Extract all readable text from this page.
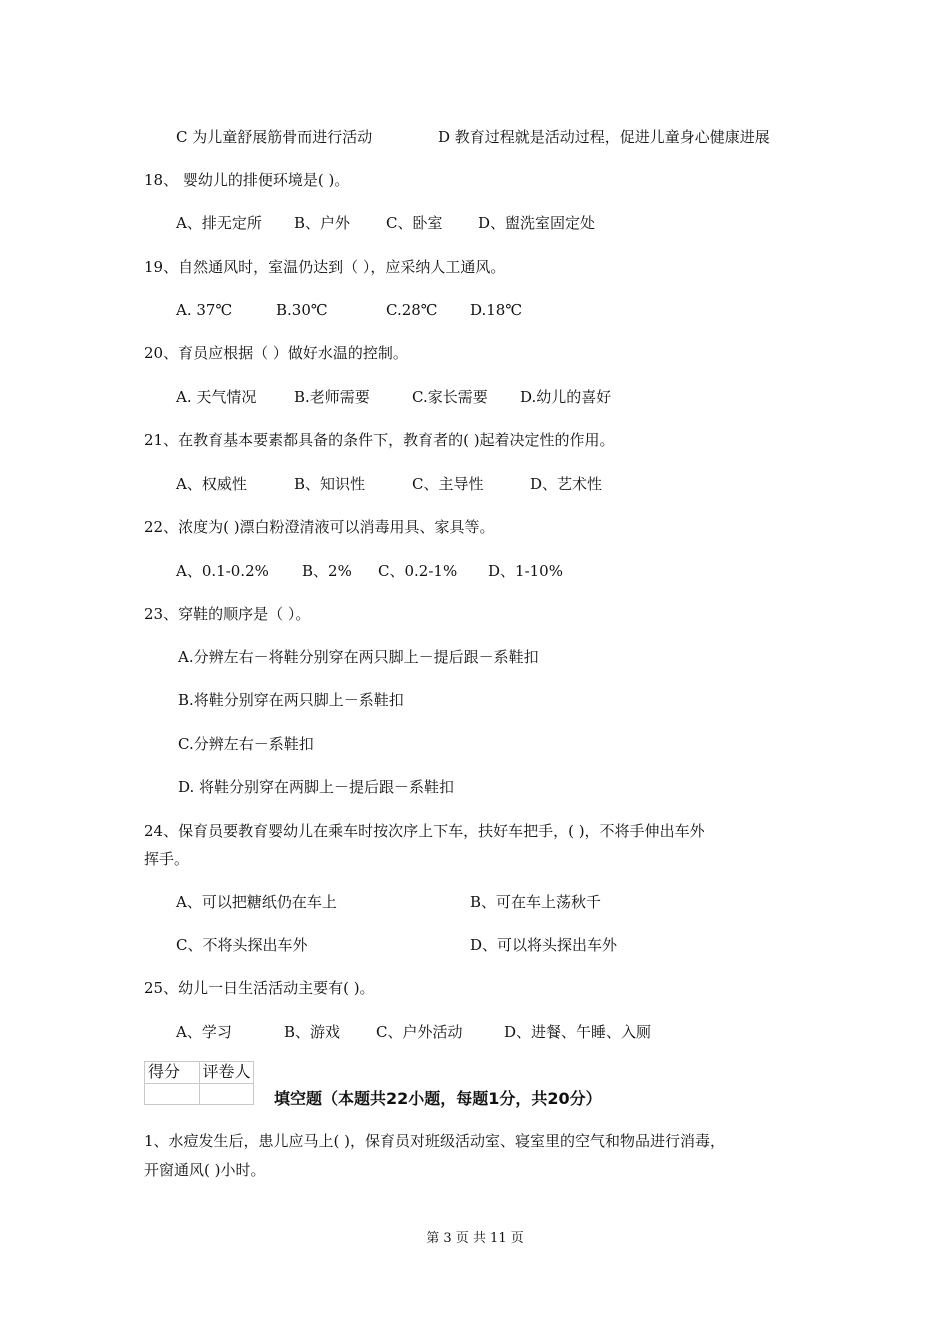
C 为儿童舒展筋骨而进行活动	D 教育过程就是活动过程，促进儿童身心健康进展
18、 婴幼儿的排便环境是( )。
A、排无定所 B、户外 C、卧室 D、盥洗室固定处
19、自然通风时，室温仍达到（ ），应采纳人工通风。
A. 37℃	B.30℃	C.28℃ D.18℃
20、育员应根据（ ）做好水温的控制。
A. 天气情况	B.老师需要	C.家长需要 D.幼儿的喜好
21、在教育基本要素都具备的条件下，教育者的( )起着决定性的作用。
A、权威性	B、知识性	C、主导性	D、艺术性
22、浓度为( )漂白粉澄清液可以消毒用具、家具等。
A、0.1-0.2% B、2% C、0.2-1% D、1-10%
23、穿鞋的顺序是（ ）。
A.分辨左右－将鞋分别穿在两只脚上－提后跟－系鞋扣
B.将鞋分别穿在两只脚上－系鞋扣
C.分辨左右－系鞋扣
D. 将鞋分别穿在两脚上－提后跟－系鞋扣
24、保育员要教育婴幼儿在乘车时按次序上下车，扶好车把手，( )，不将手伸出车外
挥手。
A、可以把糖纸仍在车上	B、可在车上荡秋千
C、不将头探出车外	D、可以将头探出车外
25、幼儿一日生活活动主要有( )。
A、学习	B、游戏 C、户外活动	D、进餐、午睡、入厕
得分	评卷人

填空题（本题共22小题，每题1分，共20分）
1、水痘发生后，患儿应马上( )，保育员对班级活动室、寝室里的空气和物品进行消毒，
开窗通风( )小时。
第 3 页 共 11 页
